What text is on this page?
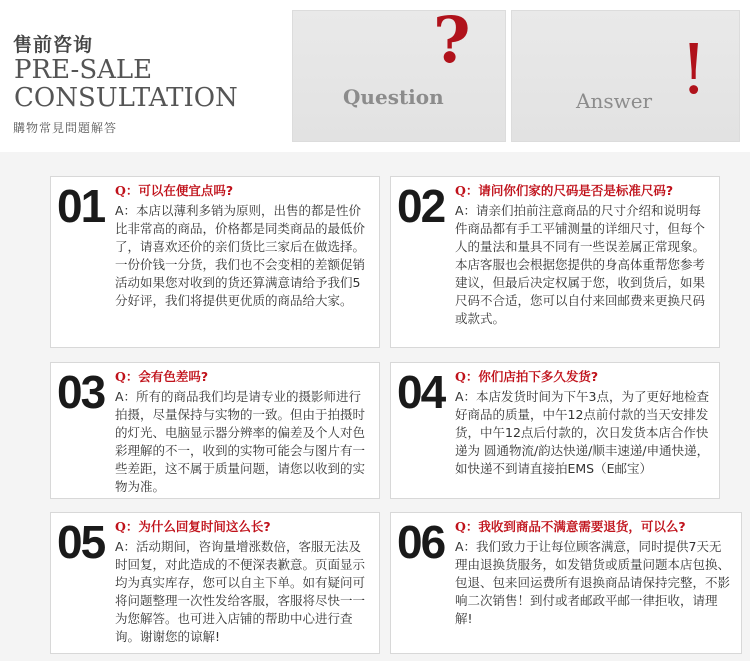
售前咨询
PRE-SALE
CONSULTATION
購物常見問題解答
Question
?
Answer !
01 Q：可以在便宜点吗?
A：本店以薄利多销为原则，出售的都是性价比非常高的商品，价格都是同类商品的最低价了，请喜欢还价的亲们货比三家后在做选择。一份价钱一分货，我们也不会变相的差额促销活动如果您对收到的货还算满意请给予我们5分好评，我们将提供更优质的商品给大家。
02 Q：请问你们家的尺码是否是标准尺码?
A：请亲们拍前注意商品的尺寸介绍和说明每件商品都有手工平铺测量的详细尺寸，但每个人的量法和量具不同有一些误差属正常现象。本店客服也会根据您提供的身高体重帮您参考建议，但最后决定权属于您，收到货后，如果尺码不合适，您可以自付来回邮费来更换尺码或款式。
03 Q：会有色差吗?
A：所有的商品我们均是请专业的摄影师进行拍摄，尽量保持与实物的一致。但由于拍摄时的灯光、电脑显示器分辨率的偏差及个人对色彩理解的不一，收到的实物可能会与图片有一些差距，这不属于质量问题，请您以收到的实物为准。
04 Q：你们店拍下多久发货?
A：本店发货时间为下午3点，为了更好地检查好商品的质量，中午12点前付款的当天安排发货，中午12点后付款的，次日发货本店合作快递为 圆通物流/韵达快递/顺丰速递/申通快递，如快递不到请直接拍EMS（E邮宝）
05 Q：为什么回复时间这么长?
A：活动期间，咨询量增涨数倍，客服无法及时回复，对此造成的不便深表歉意。页面显示均为真实库存，您可以自主下单。如有疑问可将问题整理一次性发给客服，客服将尽快一一为您解答。也可进入店铺的帮助中心进行查询。谢谢您的谅解!
06 Q：我收到商品不满意需要退货，可以么?
A：我们致力于让每位顾客满意，同时提供7天无理由退换货服务，如发错货或质量问题本店包换、包退、包来回运费所有退换商品请保持完整，不影响二次销售！到付或者邮政平邮一律拒收，请理解!
